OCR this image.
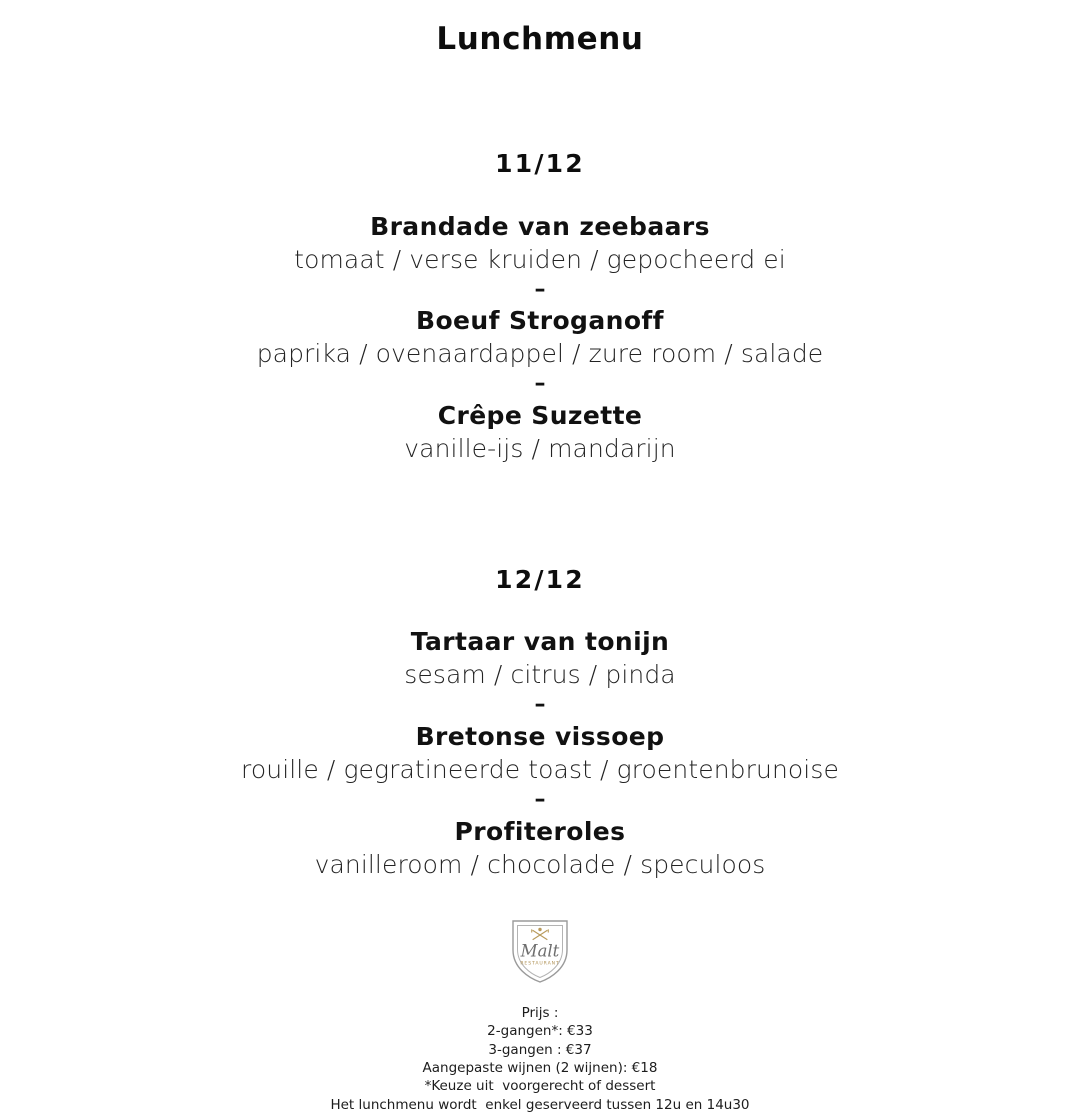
Lunchmenu
11/12
Brandade van zeebaars
tomaat / verse kruiden / gepocheerd ei
–
Boeuf Stroganoff
paprika / ovenaardappel / zure room / salade
–
Crêpe Suzette
vanille-ijs / mandarijn
12/12
Tartaar van tonijn
sesam / citrus / pinda
–
Bretonse vissoep
rouille / gegratineerde toast / groentenbrunoise
–
Profiteroles
vanilleroom / chocolade / speculoos
Malt
RESTAURANT
Prijs :
2-gangen*: €33
3-gangen : €37
Aangepaste wijnen (2 wijnen): €18
*Keuze uit  voorgerecht of dessert
Het lunchmenu wordt  enkel geserveerd tussen 12u en 14u30
